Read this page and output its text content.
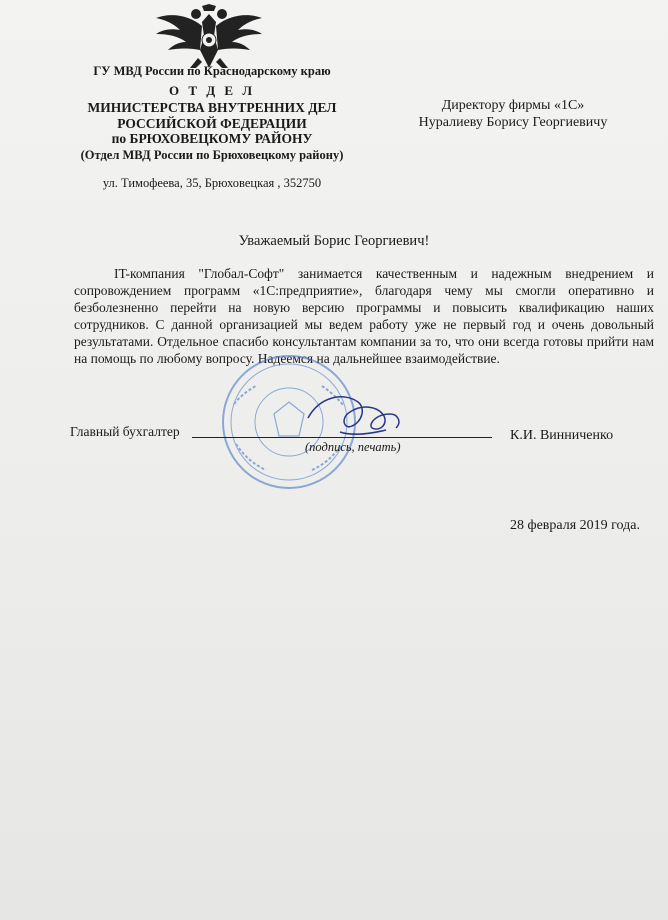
ГУ МВД России по Краснодарскому краю
О Т Д Е Л
МИНИСТЕРСТВА ВНУТРЕННИХ ДЕЛ
РОССИЙСКОЙ ФЕДЕРАЦИИ
по БРЮХОВЕЦКОМУ РАЙОНУ
(Отдел МВД России по Брюховецкому району)
ул. Тимофеева, 35, Брюховецкая , 352750
Директору фирмы «1С»
Нуралиеву Борису Георгиевичу
Уважаемый Борис Георгиевич!
IT-компания "Глобал-Софт" занимается качественным и надежным внедрением и сопровождением программ «1С:предприятие», благодаря чему мы смогли оперативно и безболезненно перейти на новую версию программы и повысить квалификацию наших сотрудников. С данной организацией мы ведем работу уже не первый год и очень довольный результатами. Отдельное спасибо консультантам компании за то, что они всегда готовы прийти нам на помощь по любому вопросу. Надеемся на дальнейшее взаимодействие.
Главный бухгалтер
(подпись, печать)
К.И. Винниченко
28 февраля 2019 года.
